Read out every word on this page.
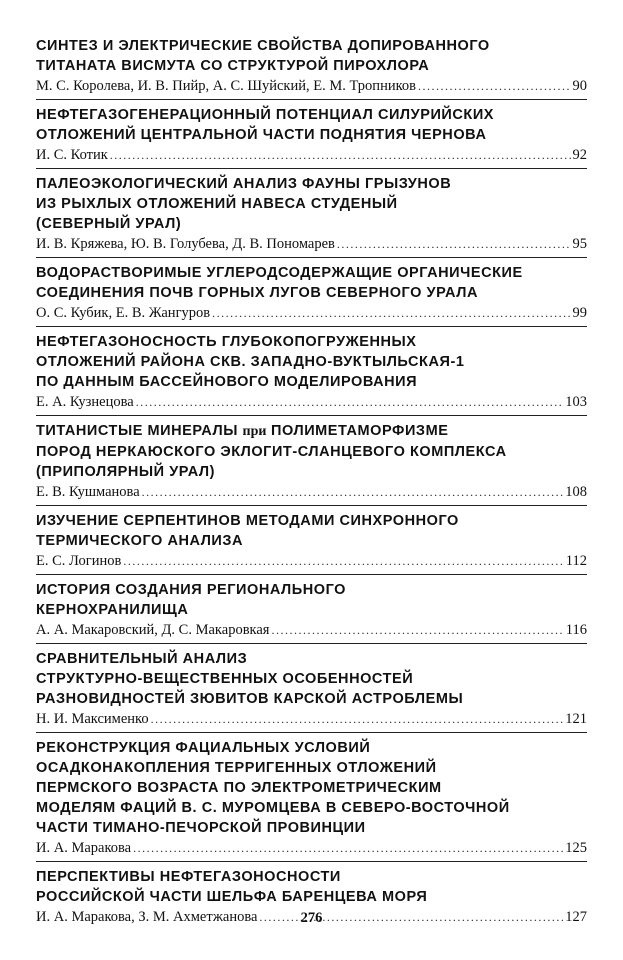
СИНТЕЗ И ЭЛЕКТРИЧЕСКИЕ СВОЙСТВА ДОПИРОВАННОГО
ТИТАНАТА ВИСМУТА СО СТРУКТУРОЙ ПИРОХЛОРА
М. С. Королева, И. В. Пийр, А. С. Шуйский, Е. М. Тропников .....	90
НЕФТЕГАЗОГЕНЕРАЦИОННЫЙ ПОТЕНЦИАЛ СИЛУРИЙСКИХ
ОТЛОЖЕНИЙ ЦЕНТРАЛЬНОЙ ЧАСТИ ПОДНЯТИЯ ЧЕРНОВА
И. С. Котик .....	92
ПАЛЕОЭКОЛОГИЧЕСКИЙ АНАЛИЗ ФАУНЫ ГРЫЗУНОВ
ИЗ РЫХЛЫХ ОТЛОЖЕНИЙ НАВЕСА СТУДЕНЫЙ
(СЕВЕРНЫЙ УРАЛ)
И. В. Кряжева, Ю. В. Голубева, Д. В. Пономарев .....	95
ВОДОРАСТВОРИМЫЕ УГЛЕРОДСОДЕРЖАЩИЕ ОРГАНИЧЕСКИЕ
СОЕДИНЕНИЯ ПОЧВ ГОРНЫХ ЛУГОВ СЕВЕРНОГО УРАЛА
О. С. Кубик, Е. В. Жангуров .....	99
НЕФТЕГАЗОНОСНОСТЬ ГЛУБОКОПОГРУЖЕННЫХ
ОТЛОЖЕНИЙ РАЙОНА СКВ. ЗАПАДНО-ВУКТЫЛЬСКАЯ-1
ПО ДАННЫМ БАССЕЙНОВОГО МОДЕЛИРОВАНИЯ
Е. А. Кузнецова .....	103
ТИТАНИСТЫЕ МИНЕРАЛЫ при ПОЛИМЕТАМОРФИЗМЕ
ПОРОД НЕРКАЮСКОГО ЭКЛОГИТ-СЛАНЦЕВОГО КОМПЛЕКСА
(ПРИПОЛЯРНЫЙ УРАЛ)
Е. В. Кушманова .....	108
ИЗУЧЕНИЕ СЕРПЕНТИНОВ МЕТОДАМИ СИНХРОННОГО
ТЕРМИЧЕСКОГО АНАЛИЗА
Е. С. Логинов .....	112
ИСТОРИЯ СОЗДАНИЯ РЕГИОНАЛЬНОГО
КЕРНОХРАНИЛИЩА
А. А. Макаровский, Д. С. Макаровкая .....	116
СРАВНИТЕЛЬНЫЙ АНАЛИЗ
СТРУКТУРНО-ВЕЩЕСТВЕННЫХ ОСОБЕННОСТЕЙ
РАЗНОВИДНОСТЕЙ ЗЮВИТОВ КАРСКОЙ АСТРОБЛЕМЫ
Н. И. Максименко .....	121
РЕКОНСТРУКЦИЯ ФАЦИАЛЬНЫХ УСЛОВИЙ
ОСАДКОНАКОПЛЕНИЯ ТЕРРИГЕННЫХ ОТЛОЖЕНИЙ
ПЕРМСКОГО ВОЗРАСТА ПО ЭЛЕКТРОМЕТРИЧЕСКИМ
МОДЕЛЯМ ФАЦИЙ В. С. МУРОМЦЕВА В СЕВЕРО-ВОСТОЧНОЙ
ЧАСТИ ТИМАНО-ПЕЧОРСКОЙ ПРОВИНЦИИ
И. А. Маракова .....	125
ПЕРСПЕКТИВЫ НЕФТЕГАЗОНОСНОСТИ
РОССИЙСКОЙ ЧАСТИ ШЕЛЬФА БАРЕНЦЕВА МОРЯ
И. А. Маракова, З. М. Ахметжанова .....	127
276
